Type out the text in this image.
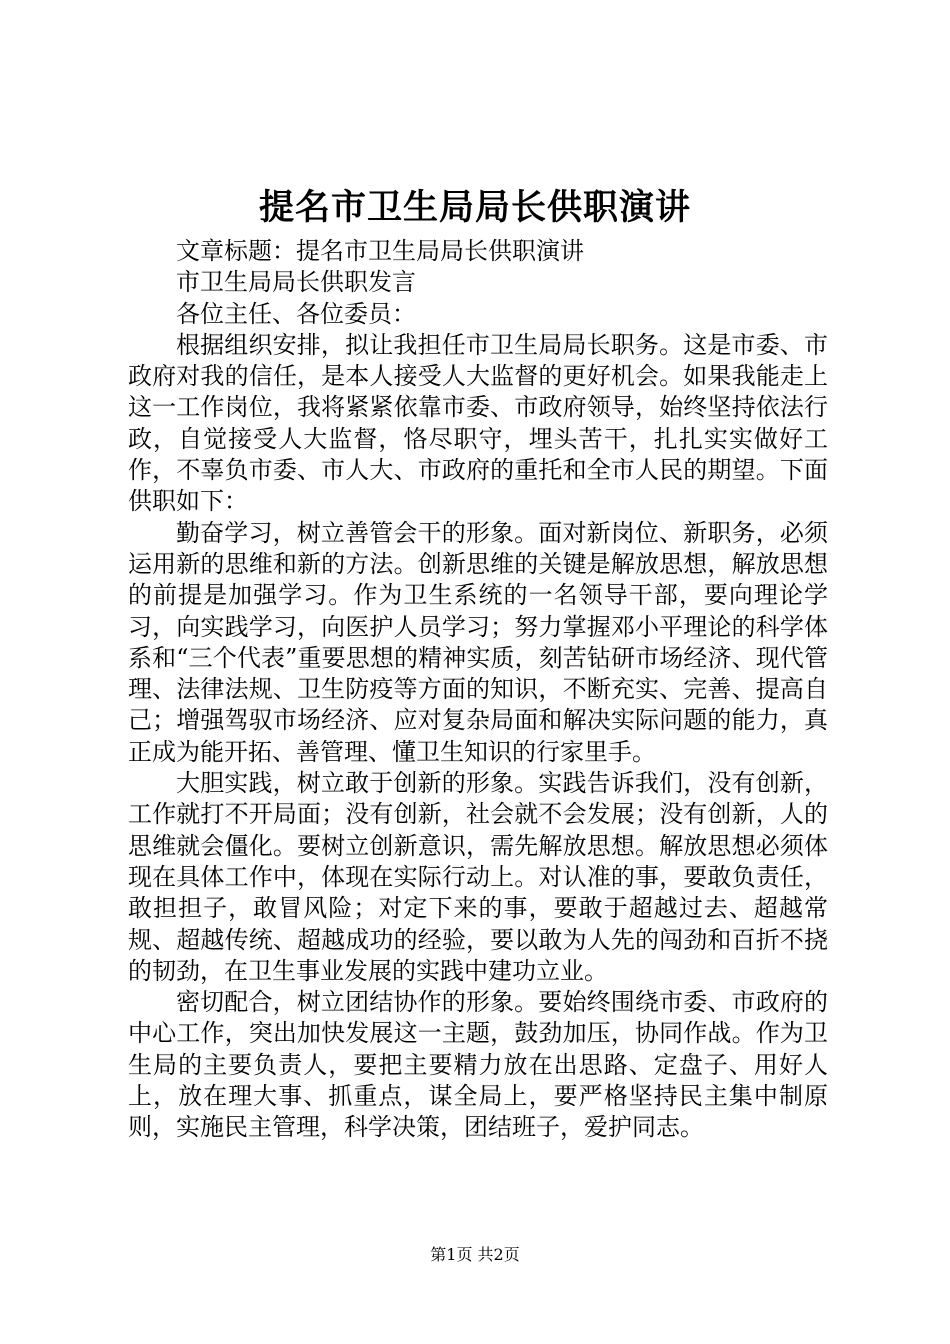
提名市卫生局局长供职演讲

文章标题：提名市卫生局局长供职演讲

市卫生局局长供职发言

各位主任、各位委员：

根据组织安排，拟让我担任市卫生局局长职务。这是市委、市政府对我的信任，是本人接受人大监督的更好机会。如果我能走上这一工作岗位，我将紧紧依靠市委、市政府领导，始终坚持依法行政，自觉接受人大监督，恪尽职守，埋头苦干，扎扎实实做好工作，不辜负市委、市人大、市政府的重托和全市人民的期望。下面供职如下：

勤奋学习，树立善管会干的形象。面对新岗位、新职务，必须运用新的思维和新的方法。创新思维的关键是解放思想，解放思想的前提是加强学习。作为卫生系统的一名领导干部，要向理论学习，向实践学习，向医护人员学习；努力掌握邓小平理论的科学体系和“三个代表”重要思想的精神实质，刻苦钻研市场经济、现代管理、法律法规、卫生防疫等方面的知识，不断充实、完善、提高自己；增强驾驭市场经济、应对复杂局面和解决实际问题的能力，真正成为能开拓、善管理、懂卫生知识的行家里手。

大胆实践，树立敢于创新的形象。实践告诉我们，没有创新，工作就打不开局面；没有创新，社会就不会发展；没有创新，人的思维就会僵化。要树立创新意识，需先解放思想。解放思想必须体现在具体工作中，体现在实际行动上。对认准的事，要敢负责任，敢担担子，敢冒风险；对定下来的事，要敢于超越过去、超越常规、超越传统、超越成功的经验，要以敢为人先的闯劲和百折不挠的韧劲，在卫生事业发展的实践中建功立业。

密切配合，树立团结协作的形象。要始终围绕市委、市政府的中心工作，突出加快发展这一主题，鼓劲加压，协同作战。作为卫生局的主要负责人，要把主要精力放在出思路、定盘子、用好人上，放在理大事、抓重点，谋全局上，要严格坚持民主集中制原则，实施民主管理，科学决策，团结班子，爱护同志。

第1页 共2页
